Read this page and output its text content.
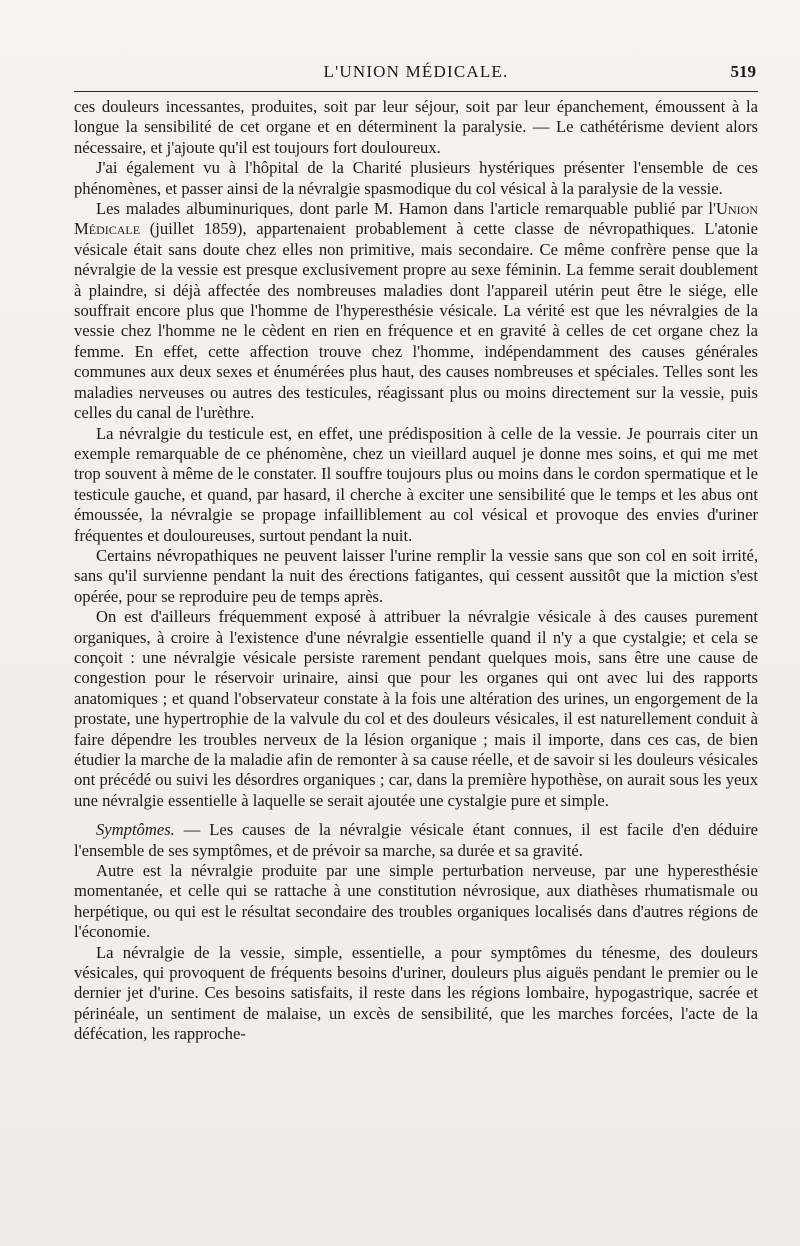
L'UNION MÉDICALE.	519

ces douleurs incessantes, produites, soit par leur séjour, soit par leur épanchement, émoussent à la longue la sensibilité de cet organe et en déterminent la paralysie. — Le cathétérisme devient alors nécessaire, et j'ajoute qu'il est toujours fort douloureux.

J'ai également vu à l'hôpital de la Charité plusieurs hystériques présenter l'ensemble de ces phénomènes, et passer ainsi de la névralgie spasmodique du col vésical à la paralysie de la vessie.

Les malades albuminuriques, dont parle M. Hamon dans l'article remarquable publié par l'Union Médicale (juillet 1859), appartenaient probablement à cette classe de névropathiques. L'atonie vésicale était sans doute chez elles non primitive, mais secondaire. Ce même confrère pense que la névralgie de la vessie est presque exclusivement propre au sexe féminin. La femme serait doublement à plaindre, si déjà affectée des nombreuses maladies dont l'appareil utérin peut être le siége, elle souffrait encore plus que l'homme de l'hyperesthésie vésicale. La vérité est que les névralgies de la vessie chez l'homme ne le cèdent en rien en fréquence et en gravité à celles de cet organe chez la femme. En effet, cette affection trouve chez l'homme, indépendamment des causes générales communes aux deux sexes et énumérées plus haut, des causes nombreuses et spéciales. Telles sont les maladies nerveuses ou autres des testicules, réagissant plus ou moins directement sur la vessie, puis celles du canal de l'urèthre.

La névralgie du testicule est, en effet, une prédisposition à celle de la vessie. Je pourrais citer un exemple remarquable de ce phénomène, chez un vieillard auquel je donne mes soins, et qui me met trop souvent à même de le constater. Il souffre toujours plus ou moins dans le cordon spermatique et le testicule gauche, et quand, par hasard, il cherche à exciter une sensibilité que le temps et les abus ont émoussée, la névralgie se propage infailliblement au col vésical et provoque des envies d'uriner fréquentes et douloureuses, surtout pendant la nuit.

Certains névropathiques ne peuvent laisser l'urine remplir la vessie sans que son col en soit irrité, sans qu'il survienne pendant la nuit des érections fatigantes, qui cessent aussitôt que la miction s'est opérée, pour se reproduire peu de temps après.

On est d'ailleurs fréquemment exposé à attribuer la névralgie vésicale à des causes purement organiques, à croire à l'existence d'une névralgie essentielle quand il n'y a que cystalgie; et cela se conçoit : une névralgie vésicale persiste rarement pendant quelques mois, sans être une cause de congestion pour le réservoir urinaire, ainsi que pour les organes qui ont avec lui des rapports anatomiques ; et quand l'observateur constate à la fois une altération des urines, un engorgement de la prostate, une hypertrophie de la valvule du col et des douleurs vésicales, il est naturellement conduit à faire dépendre les troubles nerveux de la lésion organique ; mais il importe, dans ces cas, de bien étudier la marche de la maladie afin de remonter à sa cause réelle, et de savoir si les douleurs vésicales ont précédé ou suivi les désordres organiques ; car, dans la première hypothèse, on aurait sous les yeux une névralgie essentielle à laquelle se serait ajoutée une cystalgie pure et simple.

Symptômes. — Les causes de la névralgie vésicale étant connues, il est facile d'en déduire l'ensemble de ses symptômes, et de prévoir sa marche, sa durée et sa gravité.

Autre est la névralgie produite par une simple perturbation nerveuse, par une hyperesthésie momentanée, et celle qui se rattache à une constitution névrosique, aux diathèses rhumatismale ou herpétique, ou qui est le résultat secondaire des troubles organiques localisés dans d'autres régions de l'économie.

La névralgie de la vessie, simple, essentielle, a pour symptômes du ténesme, des douleurs vésicales, qui provoquent de fréquents besoins d'uriner, douleurs plus aiguës pendant le premier ou le dernier jet d'urine. Ces besoins satisfaits, il reste dans les régions lombaire, hypogastrique, sacrée et périnéale, un sentiment de malaise, un excès de sensibilité, que les marches forcées, l'acte de la défécation, les rapproche-
